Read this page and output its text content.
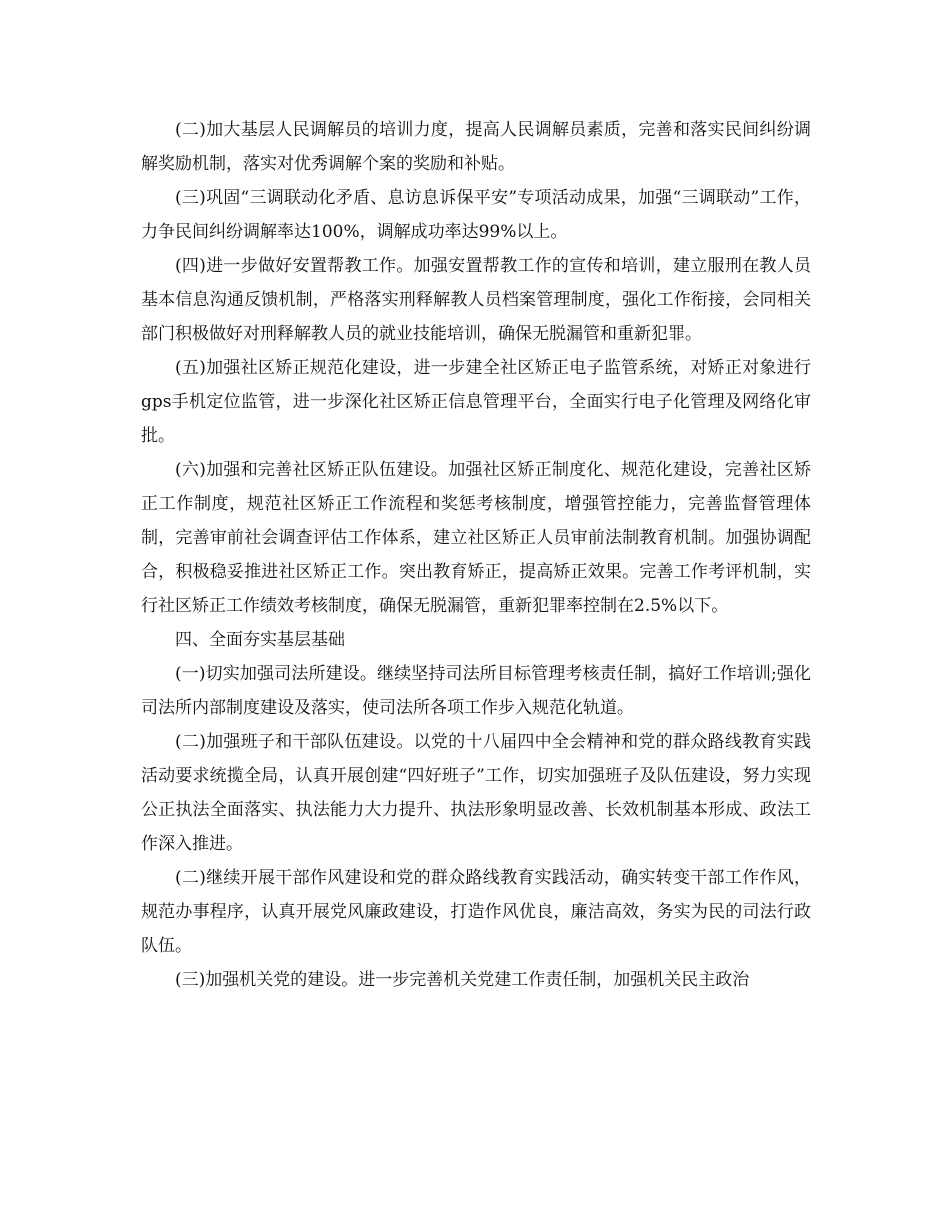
(二)加大基层人民调解员的培训力度，提高人民调解员素质，完善和落实民间纠纷调解奖励机制，落实对优秀调解个案的奖励和补贴。

(三)巩固“三调联动化矛盾、息访息诉保平安”专项活动成果，加强“三调联动”工作，力争民间纠纷调解率达100%，调解成功率达99%以上。

(四)进一步做好安置帮教工作。加强安置帮教工作的宣传和培训，建立服刑在教人员基本信息沟通反馈机制，严格落实刑释解教人员档案管理制度，强化工作衔接，会同相关部门积极做好对刑释解教人员的就业技能培训，确保无脱漏管和重新犯罪。

(五)加强社区矫正规范化建设，进一步建全社区矫正电子监管系统，对矫正对象进行gps手机定位监管，进一步深化社区矫正信息管理平台，全面实行电子化管理及网络化审批。

(六)加强和完善社区矫正队伍建设。加强社区矫正制度化、规范化建设，完善社区矫正工作制度，规范社区矫正工作流程和奖惩考核制度，增强管控能力，完善监督管理体制，完善审前社会调查评估工作体系，建立社区矫正人员审前法制教育机制。加强协调配合，积极稳妥推进社区矫正工作。突出教育矫正，提高矫正效果。完善工作考评机制，实行社区矫正工作绩效考核制度，确保无脱漏管，重新犯罪率控制在2.5%以下。

四、全面夯实基层基础

(一)切实加强司法所建设。继续坚持司法所目标管理考核责任制，搞好工作培训;强化司法所内部制度建设及落实，使司法所各项工作步入规范化轨道。

(二)加强班子和干部队伍建设。以党的十八届四中全会精神和党的群众路线教育实践活动要求统揽全局，认真开展创建“四好班子”工作，切实加强班子及队伍建设，努力实现公正执法全面落实、执法能力大力提升、执法形象明显改善、长效机制基本形成、政法工作深入推进。

(二)继续开展干部作风建设和党的群众路线教育实践活动，确实转变干部工作作风，规范办事程序，认真开展党风廉政建设，打造作风优良，廉洁高效，务实为民的司法行政队伍。

(三)加强机关党的建设。进一步完善机关党建工作责任制，加强机关民主政治
